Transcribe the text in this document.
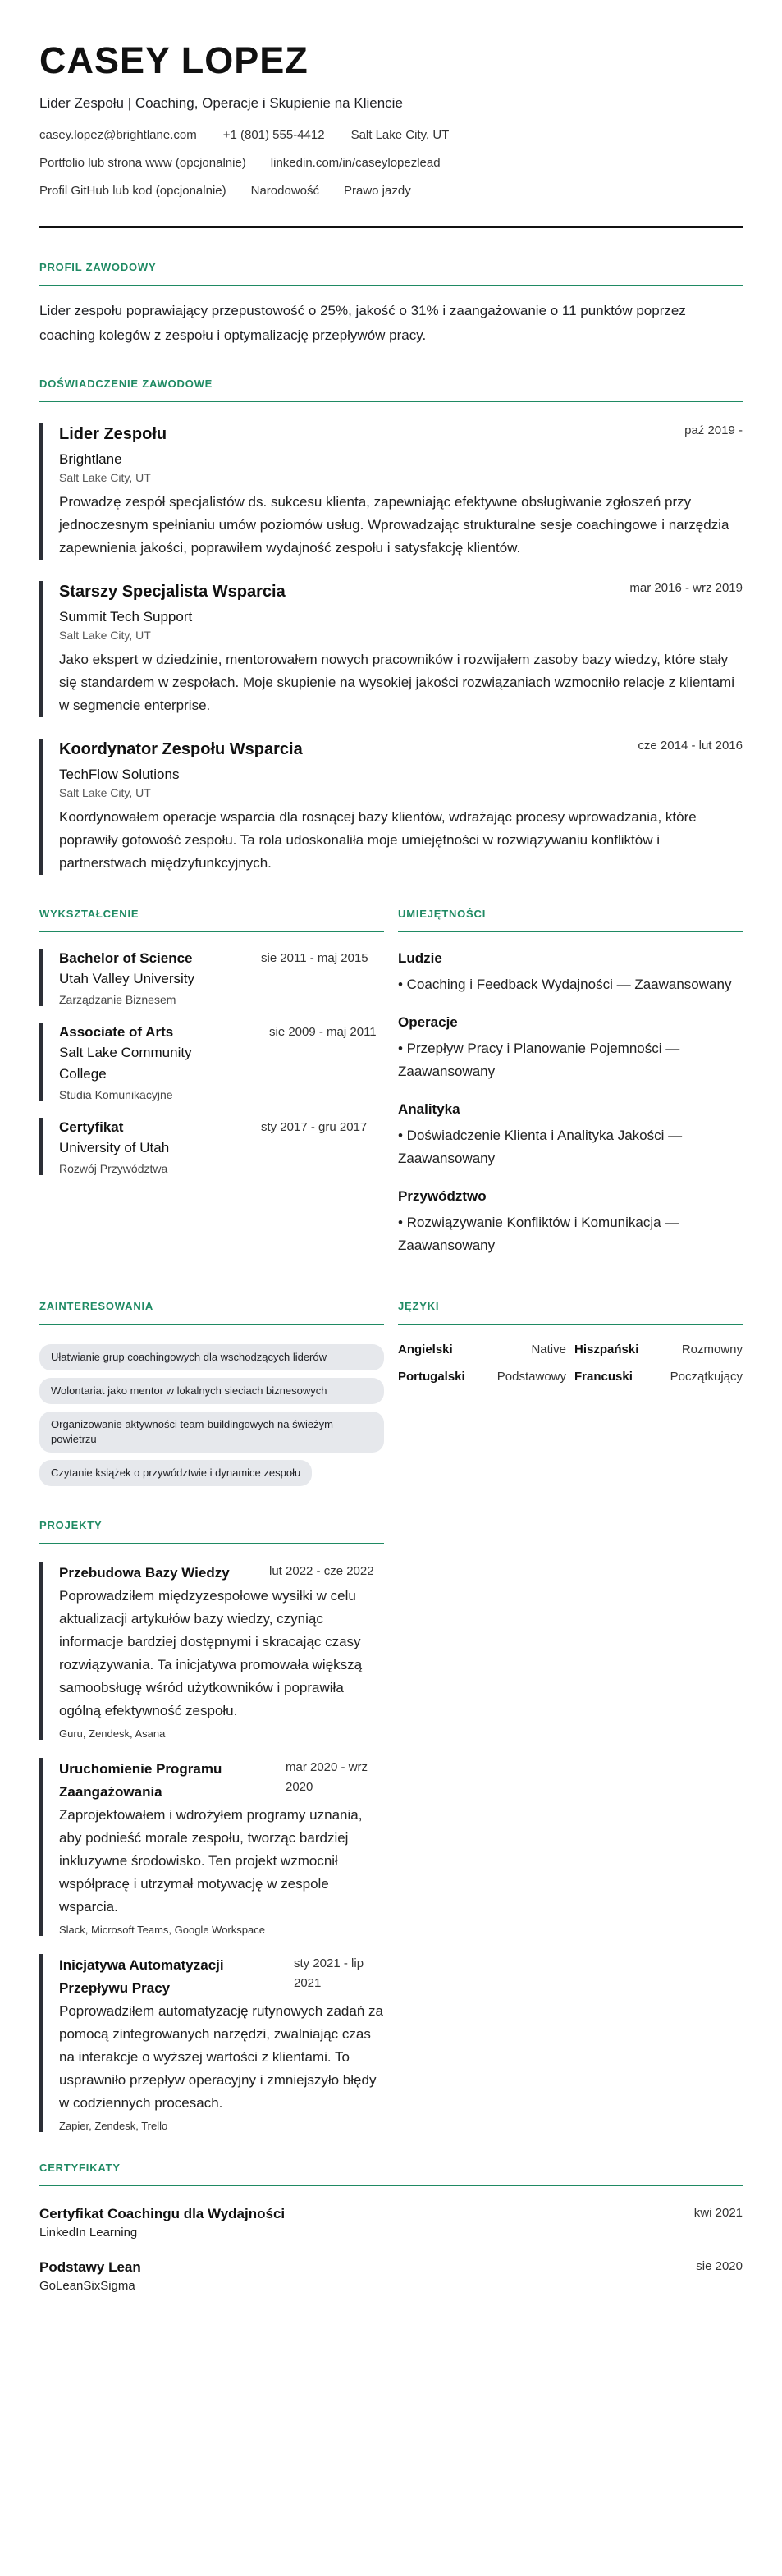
CASEY LOPEZ
Lider Zespołu | Coaching, Operacje i Skupienie na Kliencie
casey.lopez@brightlane.com +1 (801) 555-4412 Salt Lake City, UT
Portfolio lub strona www (opcjonalnie) linkedin.com/in/caseylopezlead
Profil GitHub lub kod (opcjonalnie) Narodowość Prawo jazdy
PROFIL ZAWODOWY

Lider zespołu poprawiający przepustowość o 25%, jakość o 31% i zaangażowanie o 11 punktów poprzez coaching kolegów z zespołu i optymalizację przepływów pracy.

DOŚWIADCZENIE ZAWODOWE
Lider Zespołu	paź 2019 -
Brightlane
Salt Lake City, UT

Prowadzę zespół specjalistów ds. sukcesu klienta, zapewniając efektywne obsługiwanie zgłoszeń przy jednoczesnym spełnianiu umów poziomów usług. Wprowadzając strukturalne sesje coachingowe i narzędzia zapewnienia jakości, poprawiłem wydajność zespołu i satysfakcję klientów.

Starszy Specjalista Wsparcia	mar 2016 - wrz 2019
Summit Tech Support
Salt Lake City, UT

Jako ekspert w dziedzinie, mentorowałem nowych pracowników i rozwijałem zasoby bazy wiedzy, które stały się standardem w zespołach. Moje skupienie na wysokiej jakości rozwiązaniach wzmocniło relacje z klientami w segmencie enterprise.

Koordynator Zespołu Wsparcia	cze 2014 - lut 2016
TechFlow Solutions
Salt Lake City, UT

Koordynowałem operacje wsparcia dla rosnącej bazy klientów, wdrażając procesy wprowadzania, które poprawiły gotowość zespołu. Ta rola udoskonaliła moje umiejętności w rozwiązywaniu konfliktów i partnerstwach międzyfunkcyjnych.

WYKSZTAŁCENIE
Bachelor of Science
Utah Valley University
sie 2011 - maj 2015
Zarządzanie Biznesem
Associate of Arts
Salt Lake Community College
sie 2009 - maj 2011
Studia Komunikacyjne
Certyfikat
University of Utah
sty 2017 - gru 2017
Rozwój Przywództwa
UMIEJĘTNOŚCI
Ludzie
• Coaching i Feedback Wydajności — Zaawansowany
Operacje
• Przepływ Pracy i Planowanie Pojemności — Zaawansowany
Analityka
• Doświadczenie Klienta i Analityka Jakości — Zaawansowany
Przywództwo
• Rozwiązywanie Konfliktów i Komunikacja — Zaawansowany
ZAINTERESOWANIA
Ułatwianie grup coachingowych dla wschodzących liderów
Wolontariat jako mentor w lokalnych sieciach biznesowych
Organizowanie aktywności team-buildingowych na świeżym powietrzu
Czytanie książek o przywództwie i dynamice zespołu
JĘZYKI
Angielski	Native Hiszpański	Rozmowny
Portugalski	Podstawowy Francuski	Początkujący
PROJEKTY
Przebudowa Bazy Wiedzy	lut 2022 - cze 2022

Poprowadziłem międzyzespołowe wysiłki w celu aktualizacji artykułów bazy wiedzy, czyniąc informacje bardziej dostępnymi i skracając czasy rozwiązywania. Ta inicjatywa promowała większą samoobsługę wśród użytkowników i poprawiła ogólną efektywność zespołu.

Guru, Zendesk, Asana
Uruchomienie Programu Zaangażowania
mar 2020 - wrz 2020

Zaprojektowałem i wdrożyłem programy uznania, aby podnieść morale zespołu, tworząc bardziej inkluzywne środowisko. Ten projekt wzmocnił współpracę i utrzymał motywację w zespole wsparcia.

Slack, Microsoft Teams, Google Workspace
Inicjatywa Automatyzacji Przepływu Pracy
sty 2021 - lip 2021

Poprowadziłem automatyzację rutynowych zadań za pomocą zintegrowanych narzędzi, zwalniając czas na interakcje o wyższej wartości z klientami. To usprawniło przepływ operacyjny i zmniejszyło błędy w codziennych procesach.

Zapier, Zendesk, Trello
CERTYFIKATY
Certyfikat Coachingu dla Wydajności
LinkedIn Learning
kwi 2021
Podstawy Lean
GoLeanSixSigma
sie 2020
